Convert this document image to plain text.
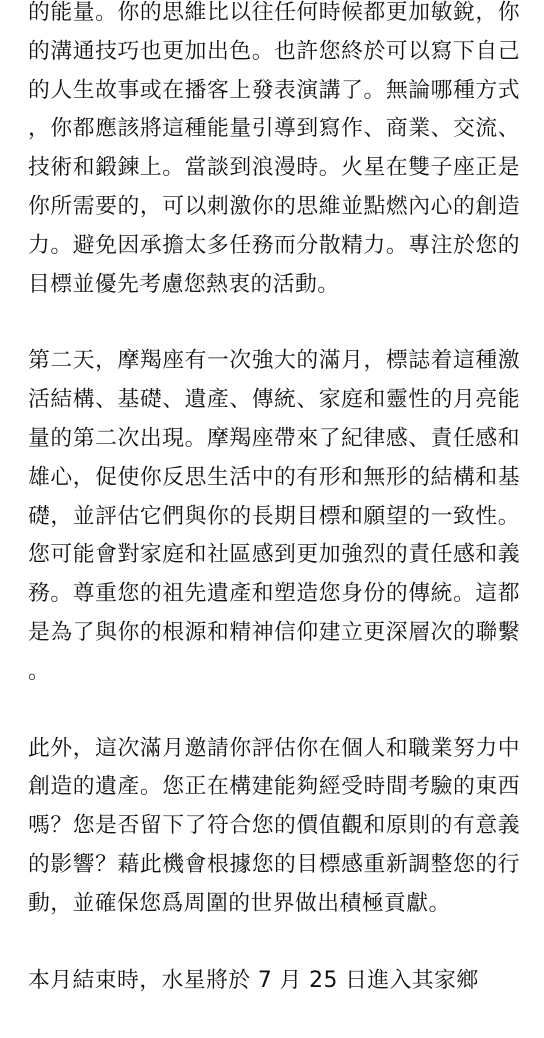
的能量。你的思維比以往任何時候都更加敏銳，你的溝通技巧也更加出色。也許您終於可以寫下自己的人生故事或在播客上發表演講了。無論哪種方式，你都應該將這種能量引導到寫作、商業、交流、技術和鍛鍊上。當談到浪漫時。火星在雙子座正是你所需要的，可以刺激你的思維並點燃內心的創造力。避免因承擔太多任務而分散精力。專注於您的目標並優先考慮您熱衷的活動。

第二天，摩羯座有一次強大的滿月，標誌着這種激活結構、基礎、遺產、傳統、家庭和靈性的月亮能量的第二次出現。摩羯座帶來了紀律感、責任感和雄心，促使你反思生活中的有形和無形的結構和基礎，並評估它們與你的長期目標和願望的一致性。您可能會對家庭和社區感到更加強烈的責任感和義務。尊重您的祖先遺產和塑造您身份的傳統。這都是為了與你的根源和精神信仰建立更深層次的聯繫。

此外，這次滿月邀請你評估你在個人和職業努力中創造的遺產。您正在構建能夠經受時間考驗的東西嗎？您是否留下了符合您的價值觀和原則的有意義的影響？藉此機會根據您的目標感重新調整您的行動，並確保您爲周圍的世界做出積極貢獻。

本月結束時，水星將於 7 月 25 日進入其家鄉
